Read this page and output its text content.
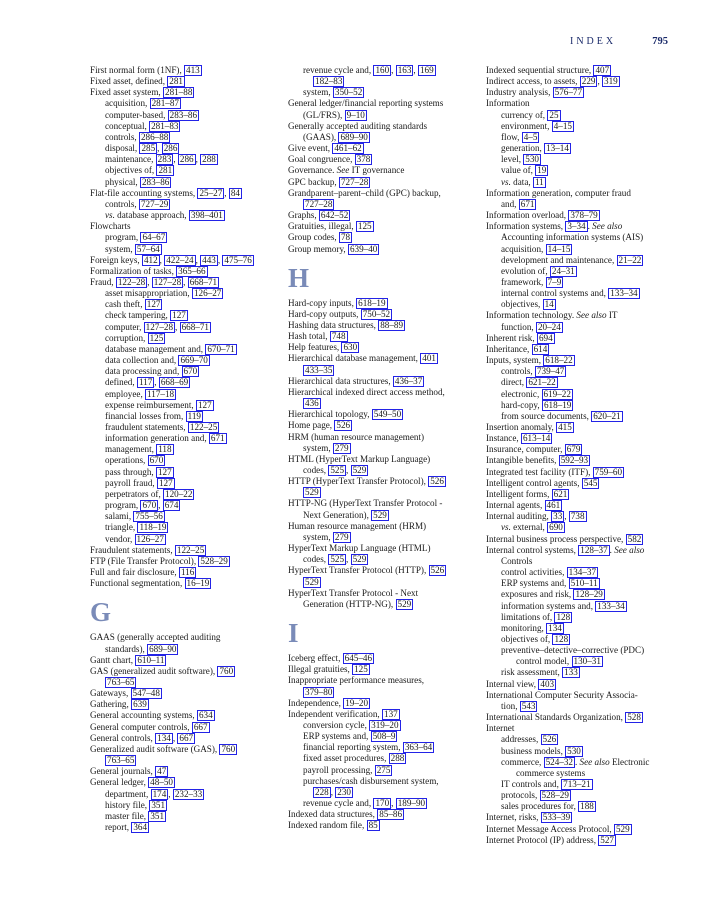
INDEX	795
First normal form (1NF), 413
Fixed asset, defined, 281
Fixed asset system, 281–88
acquisition, 281–87
computer-based, 283–86
conceptual, 281–83
controls, 286–88
disposal, 285 , 286
maintenance, 283 , 286 , 288
objectives of, 281
physical, 283–86
Flat-file accounting systems, 25–27 , 84
controls, 727–29
vs. database approach, 398–401
Flowcharts
program, 64–67
system, 57–64
Foreign keys, 412 , 422–24 , 443 , 475–76
Formalization of tasks, 365–66
Fraud, 122–28 , 127–28 , 668–71
asset misappropriation, 126–27
cash theft, 127
check tampering, 127
computer, 127–28 , 668–71
corruption, 125
database management and, 670–71
data collection and, 669–70
data processing and, 670
defined, 117 , 668–69
employee, 117–18
expense reimbursement, 127
financial losses from, 119
fraudulent statements, 122–25
information generation and, 671
management, 118
operations, 670
pass through, 127
payroll fraud, 127
perpetrators of, 120–22
program, 670 , 674
salami, 755–56
triangle, 118–19
vendor, 126–27
Fraudulent statements, 122–25
FTP (File Transfer Protocol), 528–29
Full and fair disclosure, 116
Functional segmentation, 16–19
G
GAAS (generally accepted auditing
standards), 689–90
Gantt chart, 610–11
GAS (generalized audit software), 760
763–65
Gateways, 547–48
Gathering, 639
General accounting systems, 634
General computer controls, 667
General controls, 134 , 667
Generalized audit software (GAS), 760
763–65
General journals, 47
General ledger, 48–50
department, 174 , 232–33
history file, 351
master file, 351
report, 364
revenue cycle and, 160 , 163 , 169
182–83
system, 350–52
General ledger/financial reporting systems
(GL/FRS), 9–10
Generally accepted auditing standards
(GAAS), 689–90
Give event, 461–62
Goal congruence, 378
Governance. See IT governance
GPC backup, 727–28
Grandparent–parent–child (GPC) backup,
727–28
Graphs, 642–52
Gratuities, illegal, 125
Group codes, 78
Group memory, 639–40
H
Hard-copy inputs, 618–19
Hard-copy outputs, 750–52
Hashing data structures, 88–89
Hash total, 748
Help features, 630
Hierarchical database management, 401
433–35
Hierarchical data structures, 436–37
Hierarchical indexed direct access method,
436
Hierarchical topology, 549–50
Home page, 526
HRM (human resource management)
system, 279
HTML (HyperText Markup Language)
codes, 525 , 529
HTTP (HyperText Transfer Protocol), 526
529
HTTP-NG (HyperText Transfer Protocol -
Next Generation), 529
Human resource management (HRM)
system, 279
HyperText Markup Language (HTML)
codes, 525 , 529
HyperText Transfer Protocol (HTTP), 526
529
HyperText Transfer Protocol - Next
Generation (HTTP-NG), 529
I
Iceberg effect, 645–46
Illegal gratuities, 125
Inappropriate performance measures,
379–80
Independence, 19–20
Independent verification, 137
conversion cycle, 319–20
ERP systems and, 508–9
financial reporting system, 363–64
fixed asset procedures, 288
payroll processing, 275
purchases/cash disbursement system,
228 , 230
revenue cycle and, 170 , 189–90
Indexed data structures, 85–86
Indexed random file, 85
Indexed sequential structure, 407
Indirect access, to assets, 229 , 319
Industry analysis, 576–77
Information
currency of, 25
environment, 4–15
flow, 4–5
generation, 13–14
level, 530
value of, 19
vs. data, 11
Information generation, computer fraud
and, 671
Information overload, 378–79
Information systems, 3–34 . See also
Accounting information systems (AIS)
acquisition, 14–15
development and maintenance, 21–22
evolution of, 24–31
framework, 7–9
internal control systems and, 133–34
objectives, 14
Information technology. See also IT
function, 20–24
Inherent risk, 694
Inheritance, 614
Inputs, system, 618–22
controls, 739–47
direct, 621–22
electronic, 619–22
hard-copy, 618–19
from source documents, 620–21
Insertion anomaly, 415
Instance, 613–14
Insurance, computer, 679
Intangible benefits, 592–93
Integrated test facility (ITF), 759–60
Intelligent control agents, 545
Intelligent forms, 621
Internal agents, 461
Internal auditing, 33 , 738
vs. external, 690
Internal business process perspective, 582
Internal control systems, 128–37 . See also
Controls
control activities, 134–37
ERP systems and, 510–11
exposures and risk, 128–29
information systems and, 133–34
limitations of, 128
monitoring, 134
objectives of, 128
preventive–detective–corrective (PDC)
control model, 130–31
risk assessment, 133
Internal view, 403
International Computer Security Associa-
tion, 543
International Standards Organization, 528
Internet
addresses, 526
business models, 530
commerce, 524–32 . See also Electronic
commerce systems
IT controls and, 713–21
protocols, 528–29
sales procedures for, 188
Internet, risks, 533–39
Internet Message Access Protocol, 529
Internet Protocol (IP) address, 527
